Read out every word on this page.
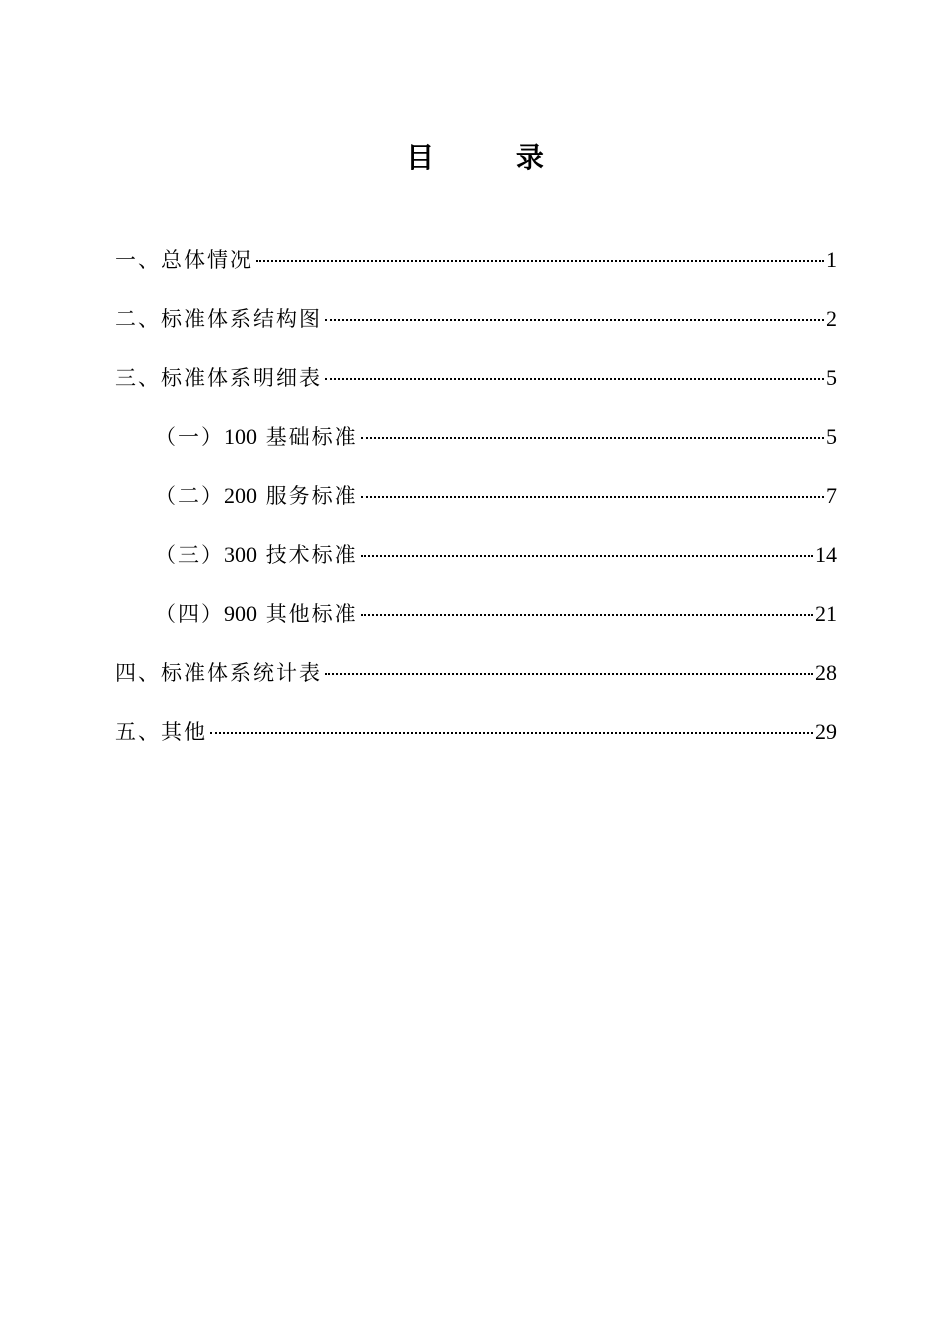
目 录
一、总体情况	1
二、标准体系结构图	2
三、标准体系明细表	5
（一）100 基础标准	5
（二）200 服务标准	7
（三）300 技术标准	14
（四）900 其他标准	21
四、标准体系统计表	28
五、其他	29
